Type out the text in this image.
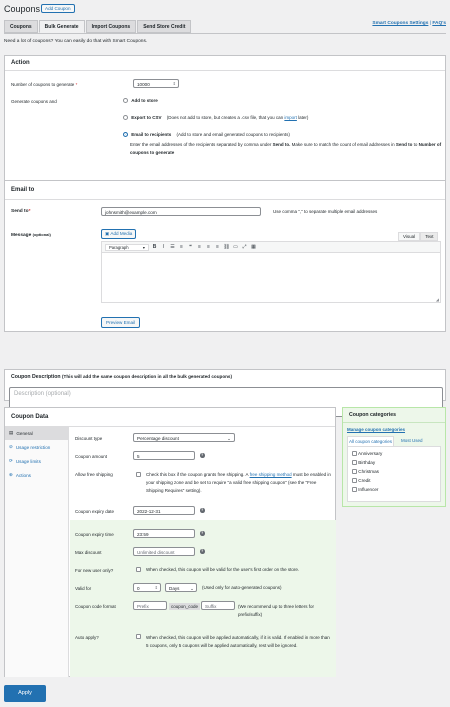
Coupons	Add Coupon
Coupons	Bulk Generate	Import Coupons	Send Store Credit
Smart Coupons Settings | FAQ's
Need a lot of coupons? You can easily do that with Smart Coupons.
Action
Number of coupons to generate *	10000	⇕
Generate coupons and	Add to store
Export to CSV (Does not add to store, but creates a .csv file, that you can import later)
Email to recipients (Add to store and email generated coupons to recipients)
Enter the email addresses of the recipients separated by comma under Send to. Make sure to match the count of email addresses in Send to to Number of coupons to generate
Email to
Send to*	johnsmith@example.com	Use comma "," to separate multiple email addresses
Message (optional)	▣ Add Media
Visual	Text
Paragraph	▾	B	I	☰	≡	❝	≡	≡	≡ ⛓ ▭ ⤢ ▦
◢
Preview Email
Coupon Description (This will add the same coupon description in all the bulk generated coupons)
Description (optional)
Coupon Data
▤ General
⊘ Usage restriction
⟳ Usage limits
⊕ Actions
Discount type	Percentage discount	⌄
Coupon amount	5	?
Allow free shipping	Check this box if the coupon grants free shipping. A free shipping method must be enabled in your shipping zone and be set to require "a valid free shipping coupon" (see the "Free Shipping Requires" setting).
Coupon expiry date	2022-12-31	?
Coupon expiry time	23:59	?
Max discount	Unlimited discount	?
For new user only?	When checked, this coupon will be valid for the user's first order on the store.
Valid for	0	⇕	Days ⌄ (Used only for auto-generated coupons)
Coupon code format	Prefix	coupon_code	Suffix	(We recommend up to three letters for prefix/suffix)
Auto apply?	When checked, this coupon will be applied automatically, if it is valid. If enabled in more than 5 coupons, only 5 coupons will be applied automatically, rest will be ignored.
Coupon categories
Manage coupon categories
All coupon categories	Most Used
Anniversary
Birthday
Christmas
Credit
Influencer
Apply
